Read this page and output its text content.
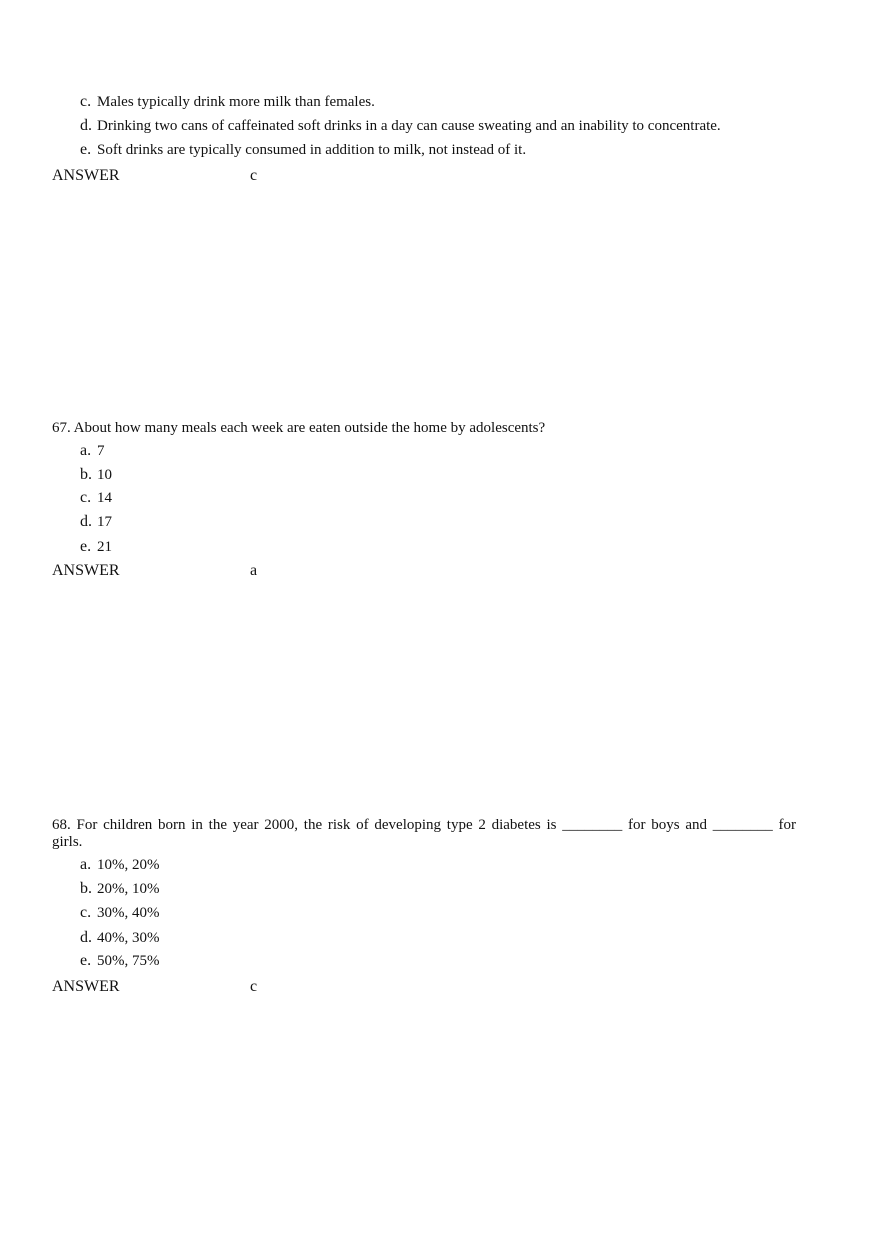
c. Males typically drink more milk than females.
d. Drinking two cans of caffeinated soft drinks in a day can cause sweating and an inability to concentrate.
e. Soft drinks are typically consumed in addition to milk, not instead of it.
ANSWER	c
67. About how many meals each week are eaten outside the home by adolescents?
a. 7
b. 10
c. 14
d. 17
e. 21
ANSWER	a
68. For children born in the year 2000, the risk of developing type 2 diabetes is ________ for boys and ________ for
girls.
a. 10%, 20%
b. 20%, 10%
c. 30%, 40%
d. 40%, 30%
e. 50%, 75%
ANSWER	c
